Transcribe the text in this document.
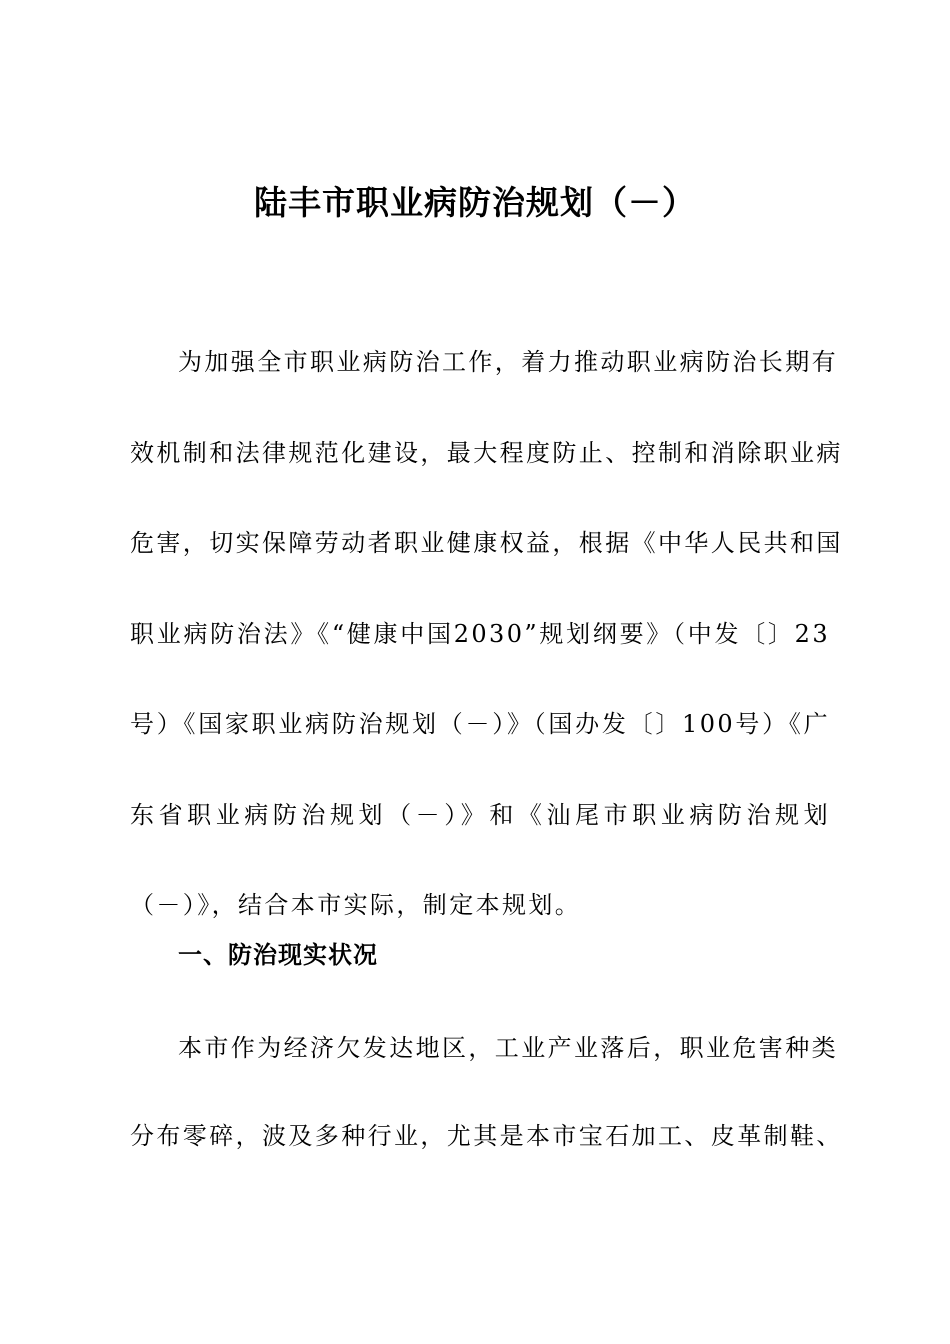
陆丰市职业病防治规划（－）
为加强全市职业病防治工作，着力推动职业病防治长期有
效机制和法律规范化建设，最大程度防止、控制和消除职业病
危害，切实保障劳动者职业健康权益，根据《中华人民共和国
职业病防治法》《“健康中国2030”规划纲要》（中发〔〕23
号）《国家职业病防治规划（－）》（国办发〔〕100号）《广
东省职业病防治规划（－）》和《汕尾市职业病防治规划
（－）》，结合本市实际，制定本规划。
一、防治现实状况
本市作为经济欠发达地区，工业产业落后，职业危害种类
分布零碎，波及多种行业，尤其是本市宝石加工、皮革制鞋、
